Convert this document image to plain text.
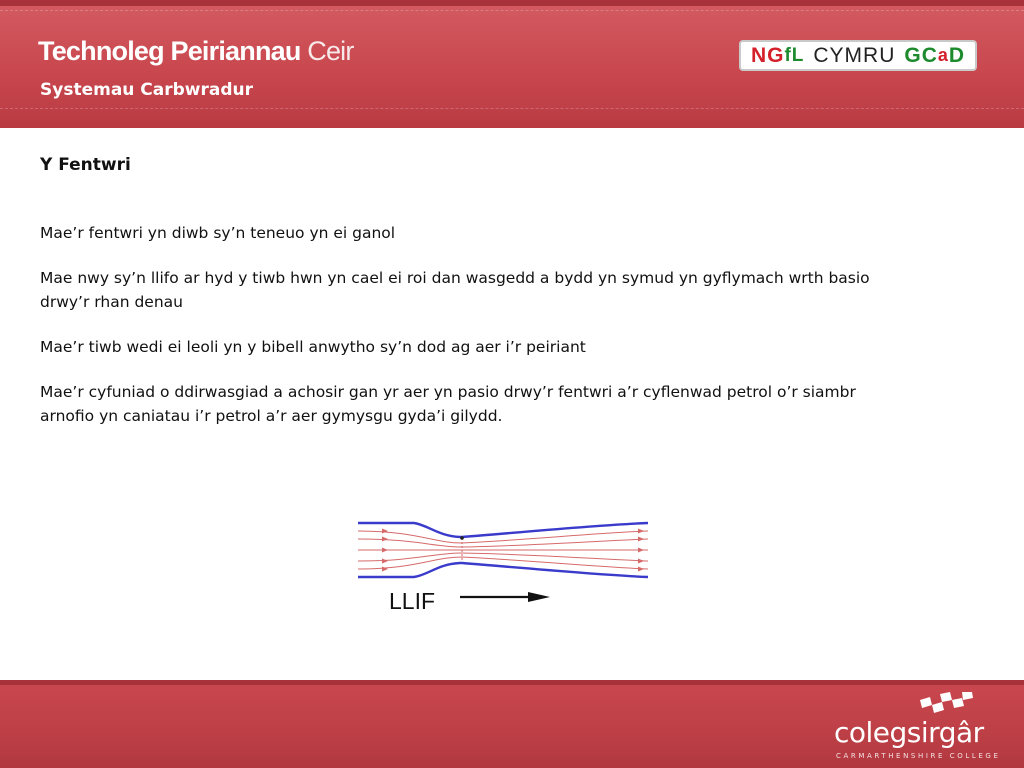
Technoleg Peiriannau Ceir
Systemau Carbwradur
NG fL CYMRU GC a D
Y Fentwri

Mae’r fentwri yn diwb sy’n teneuo yn ei ganol

Mae nwy sy’n llifo ar hyd y tiwb hwn yn cael ei roi dan wasgedd a bydd yn symud yn gyflymach wrth basio drwy’r rhan denau

Mae’r tiwb wedi ei leoli yn y bibell anwytho sy’n dod ag aer i’r peiriant

Mae’r cyfuniad o ddirwasgiad a achosir gan yr aer yn pasio drwy’r fentwri a’r cyflenwad petrol o’r siambr arnofio yn caniatau i’r petrol a’r aer gymysgu gyda’i gilydd.

LLIF
colegsirgâr
CARMARTHENSHIRE COLLEGE
